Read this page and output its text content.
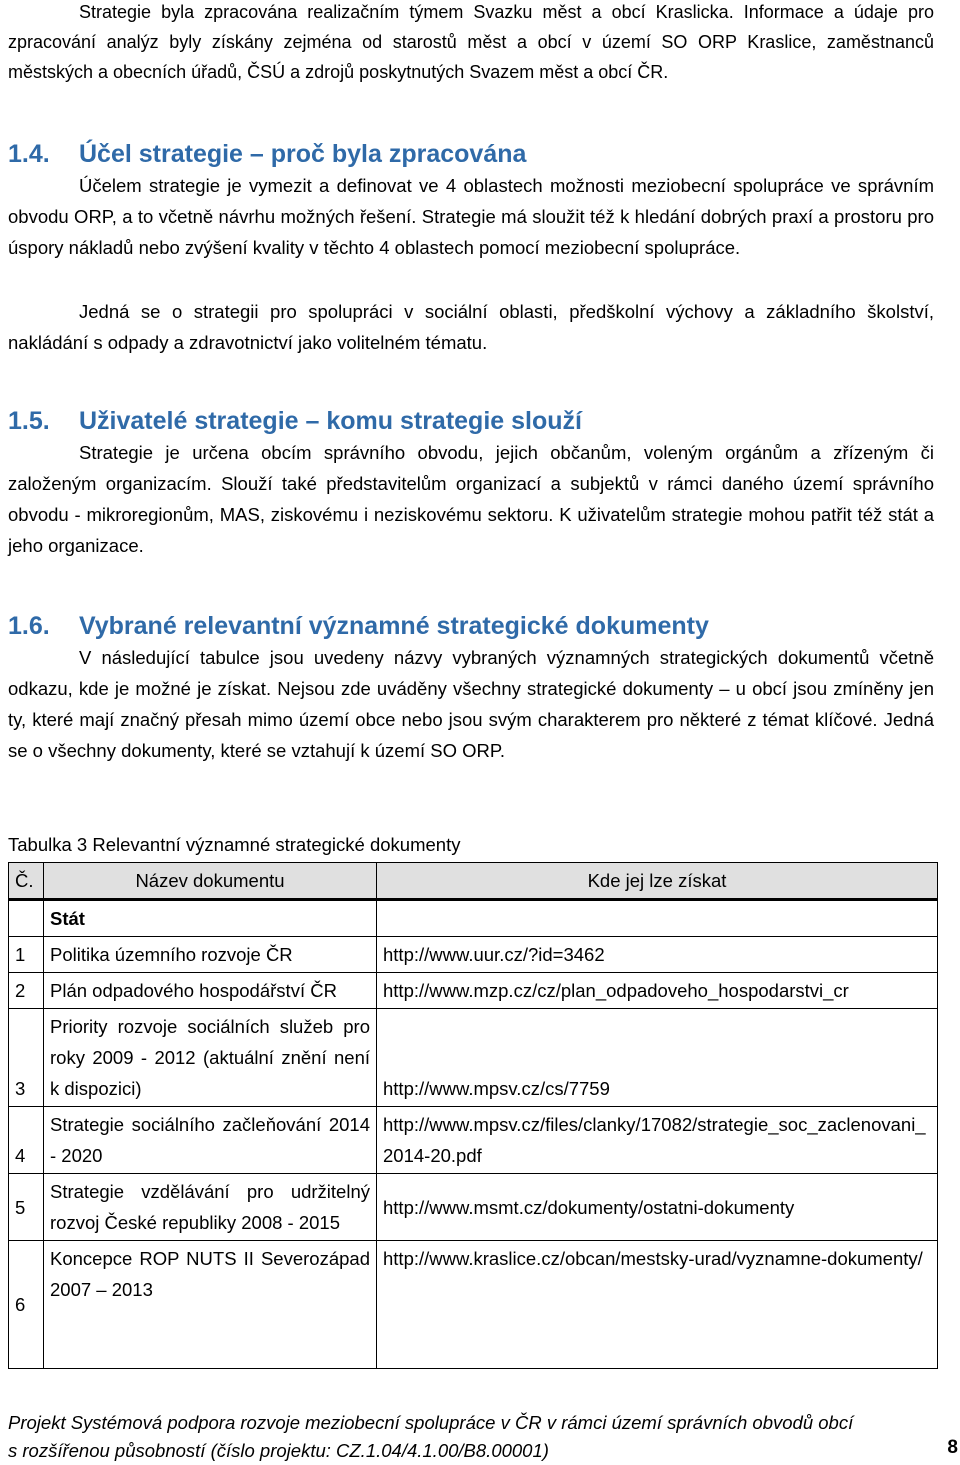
Strategie byla zpracována realizačním týmem Svazku měst a obcí Kraslicka. Informace a údaje pro zpracování analýz byly získány zejména od starostů měst a obcí v území SO ORP Kraslice, zaměstnanců městských a obecních úřadů, ČSÚ a zdrojů poskytnutých Svazem měst a obcí ČR.

1.4. Účel strategie – proč byla zpracována

Účelem strategie je vymezit a definovat ve 4 oblastech možnosti meziobecní spolupráce ve správním obvodu ORP, a to včetně návrhu možných řešení. Strategie má sloužit též k hledání dobrých praxí a prostoru pro úspory nákladů nebo zvýšení kvality v těchto 4 oblastech pomocí meziobecní spolupráce.

Jedná se o strategii pro spolupráci v sociální oblasti, předškolní výchovy a základního školství, nakládání s odpady a zdravotnictví jako volitelném tématu.

1.5. Uživatelé strategie – komu strategie slouží

Strategie je určena obcím správního obvodu, jejich občanům, voleným orgánům a zřízeným či založeným organizacím. Slouží také představitelům organizací a subjektů v rámci daného území správního obvodu - mikroregionům, MAS, ziskovému i neziskovému sektoru. K uživatelům strategie mohou patřit též stát a jeho organizace.

1.6. Vybrané relevantní významné strategické dokumenty

V následující tabulce jsou uvedeny názvy vybraných významných strategických dokumentů včetně odkazu, kde je možné je získat. Nejsou zde uváděny všechny strategické dokumenty – u obcí jsou zmíněny jen ty, které mají značný přesah mimo území obce nebo jsou svým charakterem pro některé z témat klíčové. Jedná se o všechny dokumenty, které se vztahují k území SO ORP.

Tabulka 3 Relevantní významné strategické dokumenty

Č.	Název dokumentu	Kde jej lze získat
	Stát	
1	Politika územního rozvoje ČR	http://www.uur.cz/?id=3462
2	Plán odpadového hospodářství ČR	http://www.mzp.cz/cz/plan_odpadoveho_hospodarstvi_cr
3	Priority rozvoje sociálních služeb pro roky 2009 - 2012 (aktuální znění není k dispozici)	http://www.mpsv.cz/cs/7759
4	Strategie sociálního začleňování 2014 - 2020	http://www.mpsv.cz/files/clanky/17082/strategie_soc_zaclenovani_2014-20.pdf
5	Strategie vzdělávání pro udržitelný rozvoj České republiky 2008 - 2015	http://www.msmt.cz/dokumenty/ostatni-dokumenty
6	Koncepce ROP NUTS II Severozápad 2007 – 2013	http://www.kraslice.cz/obcan/mestsky-urad/vyznamne-dokumenty/

Projekt Systémová podpora rozvoje meziobecní spolupráce v ČR v rámci území správních obvodů obcí

s rozšířenou působností (číslo projektu: CZ.1.04/4.1.00/B8.00001)	8
